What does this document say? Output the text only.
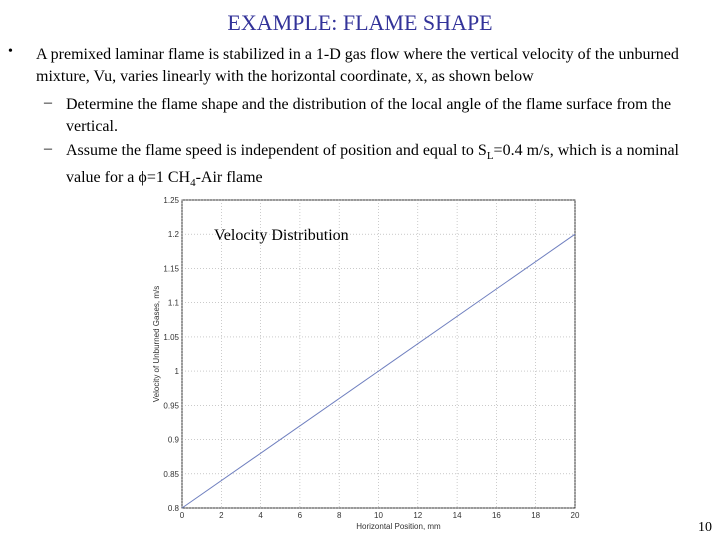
EXAMPLE: FLAME SHAPE
• A premixed laminar flame is stabilized in a 1-D gas flow where the vertical velocity of the unburned mixture, Vu, varies linearly with the horizontal coordinate, x, as shown below

– Determine the flame shape and the distribution of the local angle of the flame surface from the vertical.

– Assume the flame speed is independent of position and equal to $S_L=0.4$ m/s, which is a nominal value for a ϕ=1 $CH_4$-Air flame

0	2	4	6	8	10	12	14	16	18	20
0.8
0.85
0.9
0.95
1
1.05
1.1
1.15
1.2
1.25
Velocity Distribution
Horizontal Position, mm
Velocity of Unburned Gases, m/s
10
